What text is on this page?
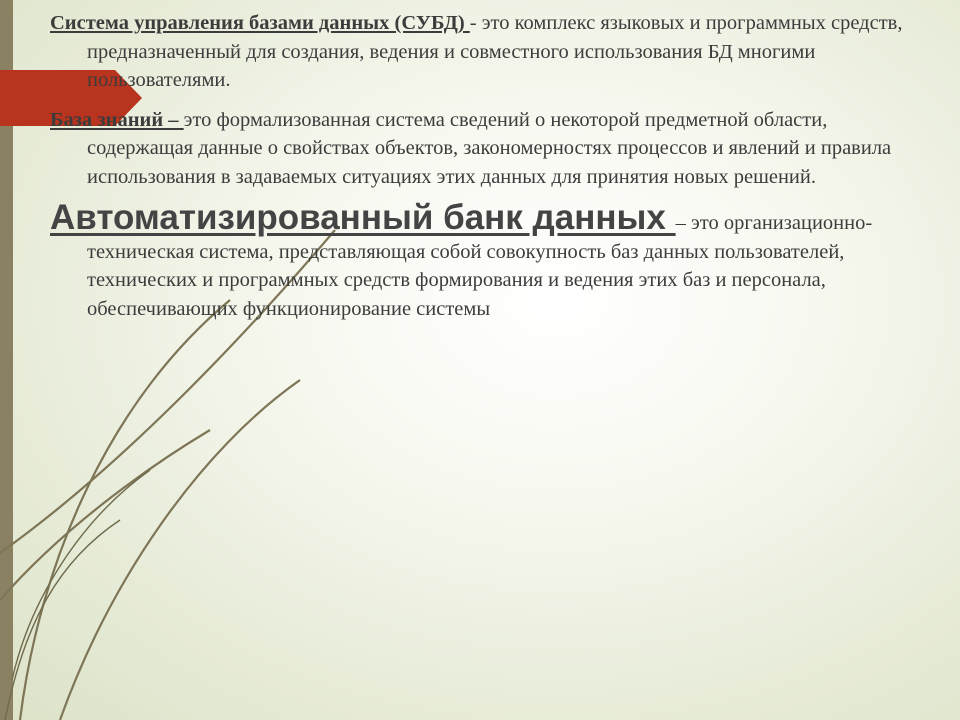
Система управления базами данных (СУБД) - это комплекс языковых и программных средств, предназначенный для создания, ведения и совместного использования БД многими пользователями.

База знаний – это формализованная система сведений о некоторой предметной области, содержащая данные о свойствах объектов, закономерностях процессов и явлений и правила использования в задаваемых ситуациях этих данных для принятия новых решений.

Автоматизированный банк данных – это организационно-техническая система, представляющая собой совокупность баз данных пользователей, технических и программных средств формирования и ведения этих баз и персонала, обеспечивающих функционирование системы
